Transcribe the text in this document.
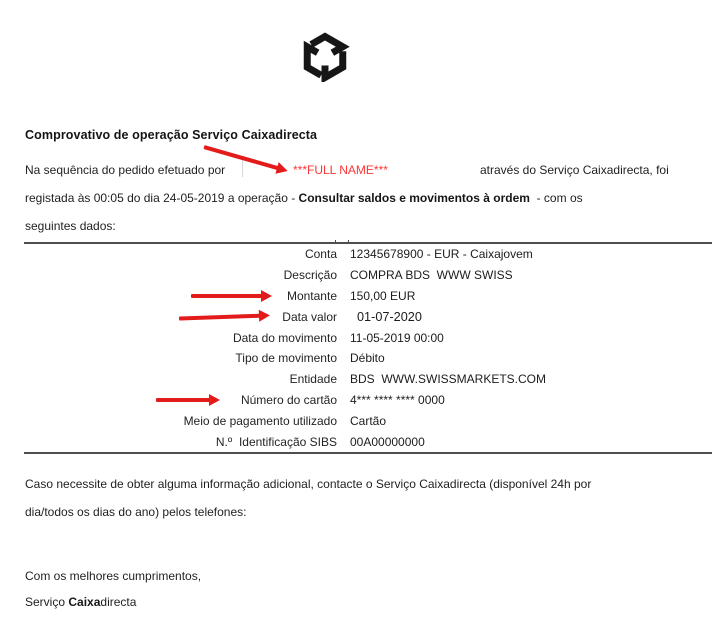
Comprovativo de operação Serviço Caixadirecta
Na sequência do pedido efetuado por	***FULL NAME***	através do Serviço Caixadirecta, foi
registada às 00:05 do dia 24-05-2019 a operação - Consultar saldos e movimentos à ordem  - com os
seguintes dados:
Conta	12345678900 - EUR - Caixajovem
Descrição	COMPRA BDS  WWW SWISS
Montante	150,00 EUR
Data valor	01-07-2020
Data do movimento	11-05-2019 00:00
Tipo de movimento	Débito
Entidade	BDS  WWW.SWISSMARKETS.COM
Número do cartão	4*** **** **** 0000
Meio de pagamento utilizado	Cartão
N.º  Identificação SIBS	00A00000000
Caso necessite de obter alguma informação adicional, contacte o Serviço Caixadirecta (disponível 24h por
dia/todos os dias do ano) pelos telefones:
Com os melhores cumprimentos,
Serviço Caixadirecta
